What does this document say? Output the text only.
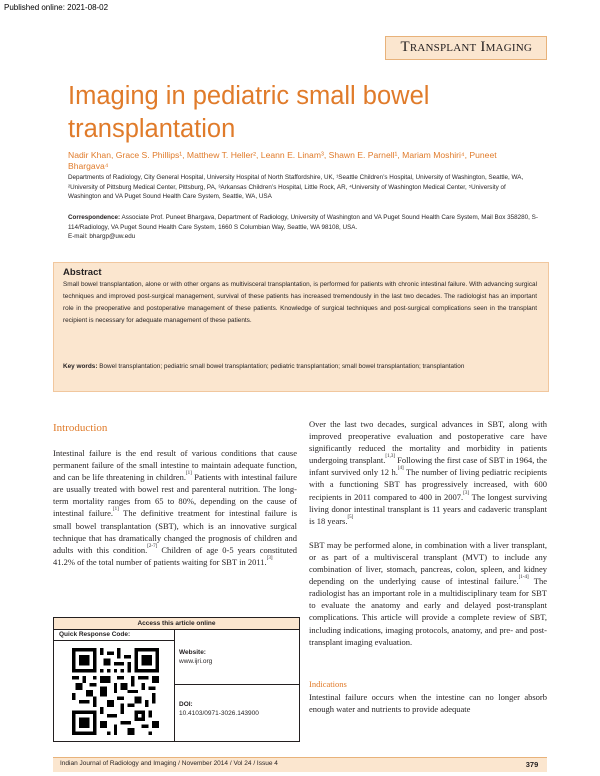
Published online: 2021-08-02
Transplant Imaging
Imaging in pediatric small bowel transplantation
Nadir Khan, Grace S. Phillips¹, Matthew T. Heller², Leann E. Linam³, Shawn E. Parnell¹, Mariam Moshiri⁴, Puneet Bhargava⁴
Departments of Radiology, City General Hospital, University Hospital of North Staffordshire, UK, ¹Seattle Children’s Hospital, University of Washington, Seattle, WA, ²University of Pittsburg Medical Center, Pittsburg, PA, ³Arkansas Children’s Hospital, Little Rock, AR, ⁴University of Washington Medical Center, ⁵University of Washington and VA Puget Sound Health Care System, Seattle, WA, USA
Correspondence: Associate Prof. Puneet Bhargava, Department of Radiology, University of Washington and VA Puget Sound Health Care System, Mail Box 358280, S-114/Radiology, VA Puget Sound Health Care System, 1660 S Columbian Way, Seattle, WA 98108, USA.
E-mail: bhargp@uw.edu
Abstract
Small bowel transplantation, alone or with other organs as multivisceral transplantation, is performed for patients with chronic intestinal failure. With advancing surgical techniques and improved post-surgical management, survival of these patients has increased tremendously in the last two decades. The radiologist has an important role in the preoperative and postoperative management of these patients. Knowledge of surgical techniques and post-surgical complications seen in the transplant recipient is necessary for adequate management of these patients.
Key words: Bowel transplantation; pediatric small bowel transplantation; pediatric transplantation; small bowel transplantation; transplantation
Introduction
Intestinal failure is the end result of various conditions that cause permanent failure of the small intestine to maintain adequate function, and can be life threatening in children.[1] Patients with intestinal failure are usually treated with bowel rest and parenteral nutrition. The long-term mortality ranges from 65 to 80%, depending on the cause of intestinal failure.[1] The definitive treatment for intestinal failure is small bowel transplantation (SBT), which is an innovative surgical technique that has dramatically changed the prognosis of children and adults with this condition.[2-7] Children of age 0-5 years constituted 41.2% of the total number of patients waiting for SBT in 2011.[3]
Over the last two decades, surgical advances in SBT, along with improved preoperative evaluation and postoperative care have significantly reduced the mortality and morbidity in patients undergoing transplant.[1,3] Following the first case of SBT in 1964, the infant survived only 12 h.[4] The number of living pediatric recipients with a functioning SBT has progressively increased, with 600 recipients in 2011 compared to 400 in 2007.[3] The longest surviving living donor intestinal transplant is 11 years and cadaveric transplant is 18 years.[5]
SBT may be performed alone, in combination with a liver transplant, or as part of a multivisceral transplant (MVT) to include any combination of liver, stomach, pancreas, colon, spleen, and kidney depending on the underlying cause of intestinal failure.[1-4] The radiologist has an important role in a multidisciplinary team for SBT to evaluate the anatomy and early and delayed post-transplant complications. This article will provide a complete review of SBT, including indications, imaging protocols, anatomy, and pre- and post-transplant imaging evaluation.
Indications
Intestinal failure occurs when the intestine can no longer absorb enough water and nutrients to provide adequate
Access this article online
Quick Response Code:
Website:
www.ijri.org
DOI:
10.4103/0971-3026.143900
Indian Journal of Radiology and Imaging / November 2014 / Vol 24 / Issue 4	379
